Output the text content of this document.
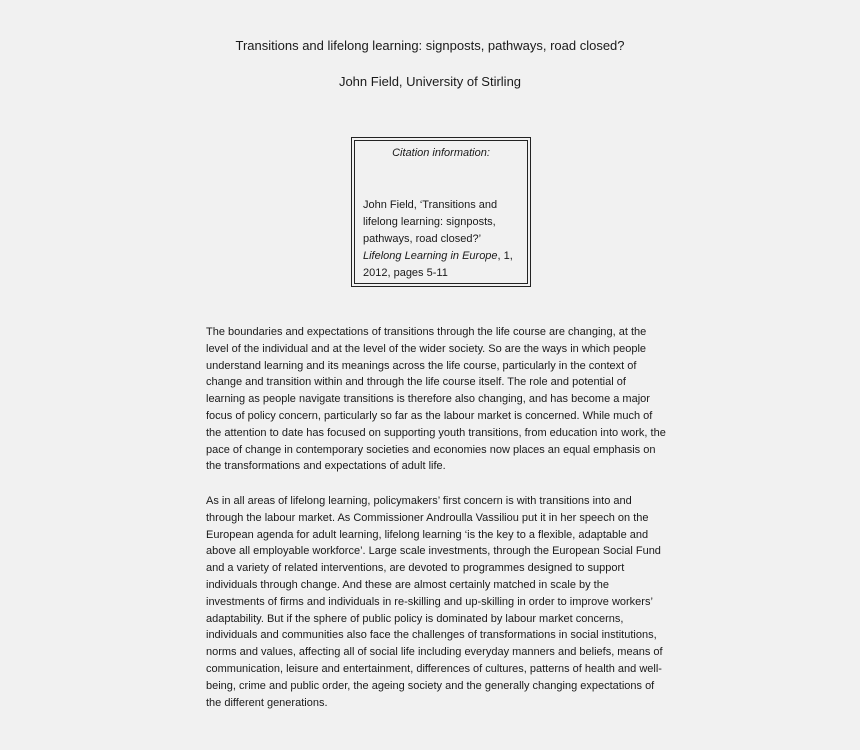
Transitions and lifelong learning: signposts, pathways, road closed?
John Field, University of Stirling
Citation information:
John Field, ‘Transitions and lifelong learning: signposts, pathways, road closed?’ Lifelong Learning in Europe, 1, 2012, pages 5-11

The boundaries and expectations of transitions through the life course are changing, at the level of the individual and at the level of the wider society. So are the ways in which people understand learning and its meanings across the life course, particularly in the context of change and transition within and through the life course itself. The role and potential of learning as people navigate transitions is therefore also changing, and has become a major focus of policy concern, particularly so far as the labour market is concerned. While much of the attention to date has focused on supporting youth transitions, from education into work, the pace of change in contemporary societies and economies now places an equal emphasis on the transformations and expectations of adult life.

As in all areas of lifelong learning, policymakers’ first concern is with transitions into and through the labour market. As Commissioner Androulla Vassiliou put it in her speech on the European agenda for adult learning, lifelong learning ‘is the key to a flexible, adaptable and above all employable workforce’. Large scale investments, through the European Social Fund and a variety of related interventions, are devoted to programmes designed to support individuals through change. And these are almost certainly matched in scale by the investments of firms and individuals in re-skilling and up-skilling in order to improve workers’ adaptability. But if the sphere of public policy is dominated by labour market concerns, individuals and communities also face the challenges of transformations in social institutions, norms and values, affecting all of social life including everyday manners and beliefs, means of communication, leisure and entertainment, differences of cultures, patterns of health and well-being, crime and public order, the ageing society and the generally changing expectations of the different generations.
